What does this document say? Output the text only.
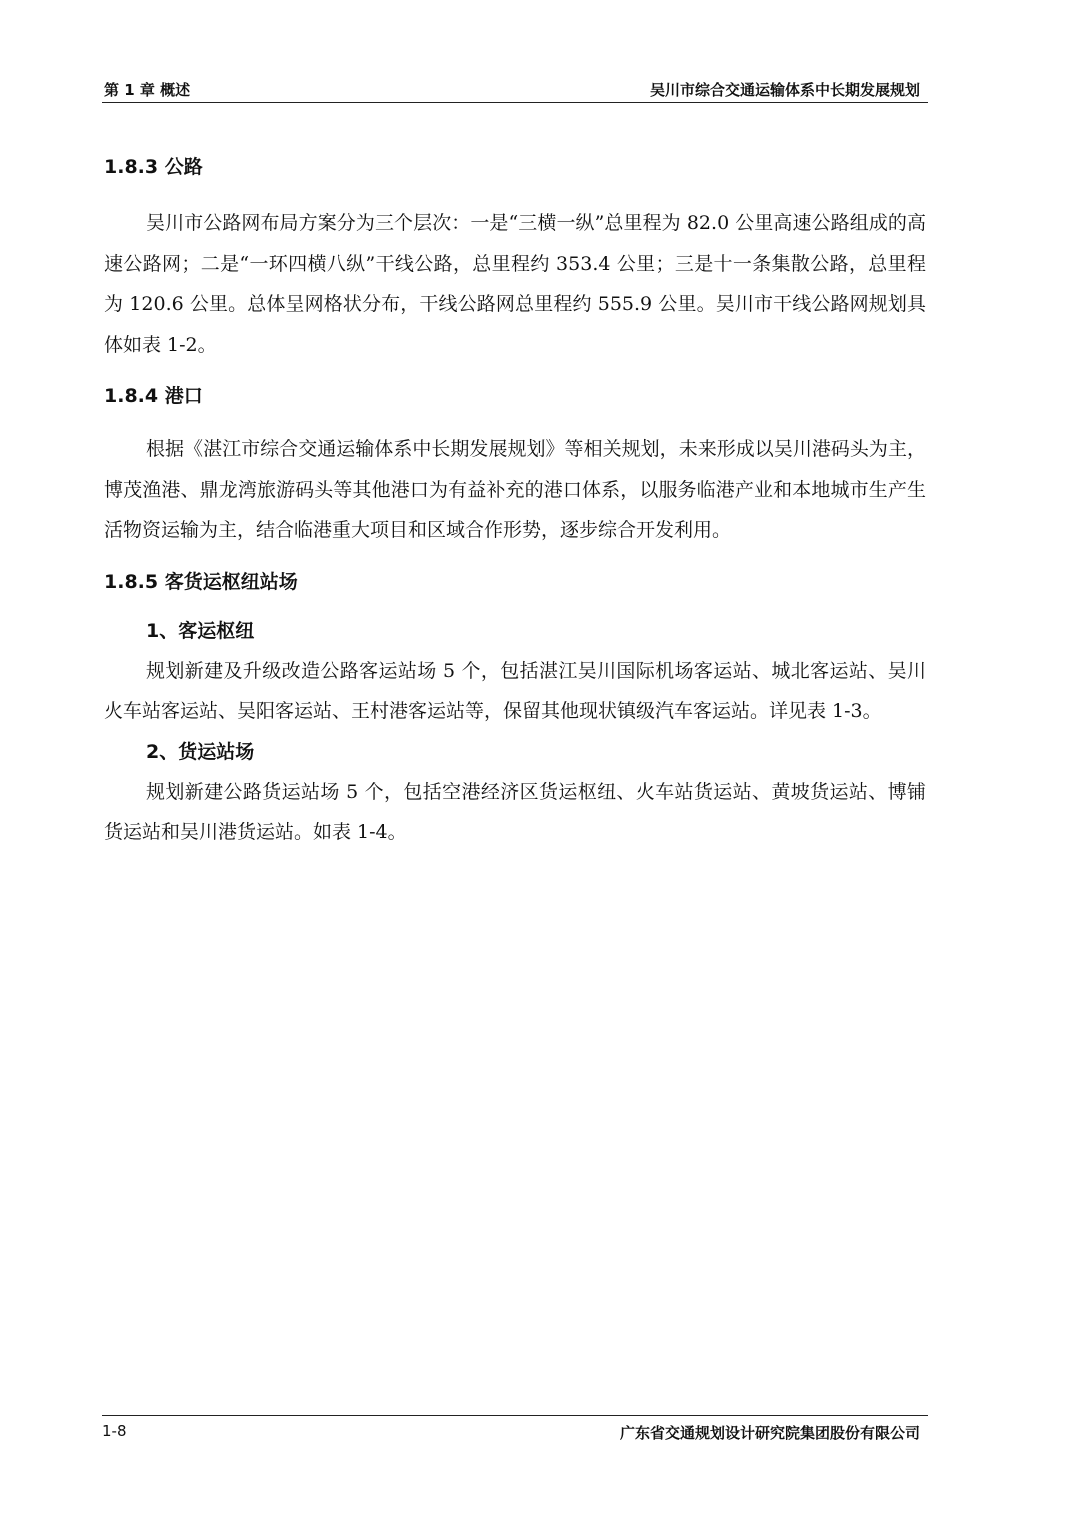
第 1 章 概述	吴川市综合交通运输体系中长期发展规划
1.8.3 公路

吴川市公路网布局方案分为三个层次：一是“三横一纵”总里程为 82.0 公里高速公路组成的高速公路网；二是“一环四横八纵”干线公路，总里程约 353.4 公里；三是十一条集散公路，总里程为 120.6 公里。总体呈网格状分布，干线公路网总里程约 555.9 公里。吴川市干线公路网规划具体如表 1-2。

1.8.4 港口

根据《湛江市综合交通运输体系中长期发展规划》等相关规划，未来形成以吴川港码头为主，博茂渔港、鼎龙湾旅游码头等其他港口为有益补充的港口体系，以服务临港产业和本地城市生产生活物资运输为主，结合临港重大项目和区域合作形势，逐步综合开发利用。

1.8.5 客货运枢纽站场
1、客运枢纽

规划新建及升级改造公路客运站场 5 个，包括湛江吴川国际机场客运站、城北客运站、吴川火车站客运站、吴阳客运站、王村港客运站等，保留其他现状镇级汽车客运站。详见表 1-3。

2、货运站场

规划新建公路货运站场 5 个，包括空港经济区货运枢纽、火车站货运站、黄坡货运站、博铺货运站和吴川港货运站。如表 1-4。

1-8	广东省交通规划设计研究院集团股份有限公司
